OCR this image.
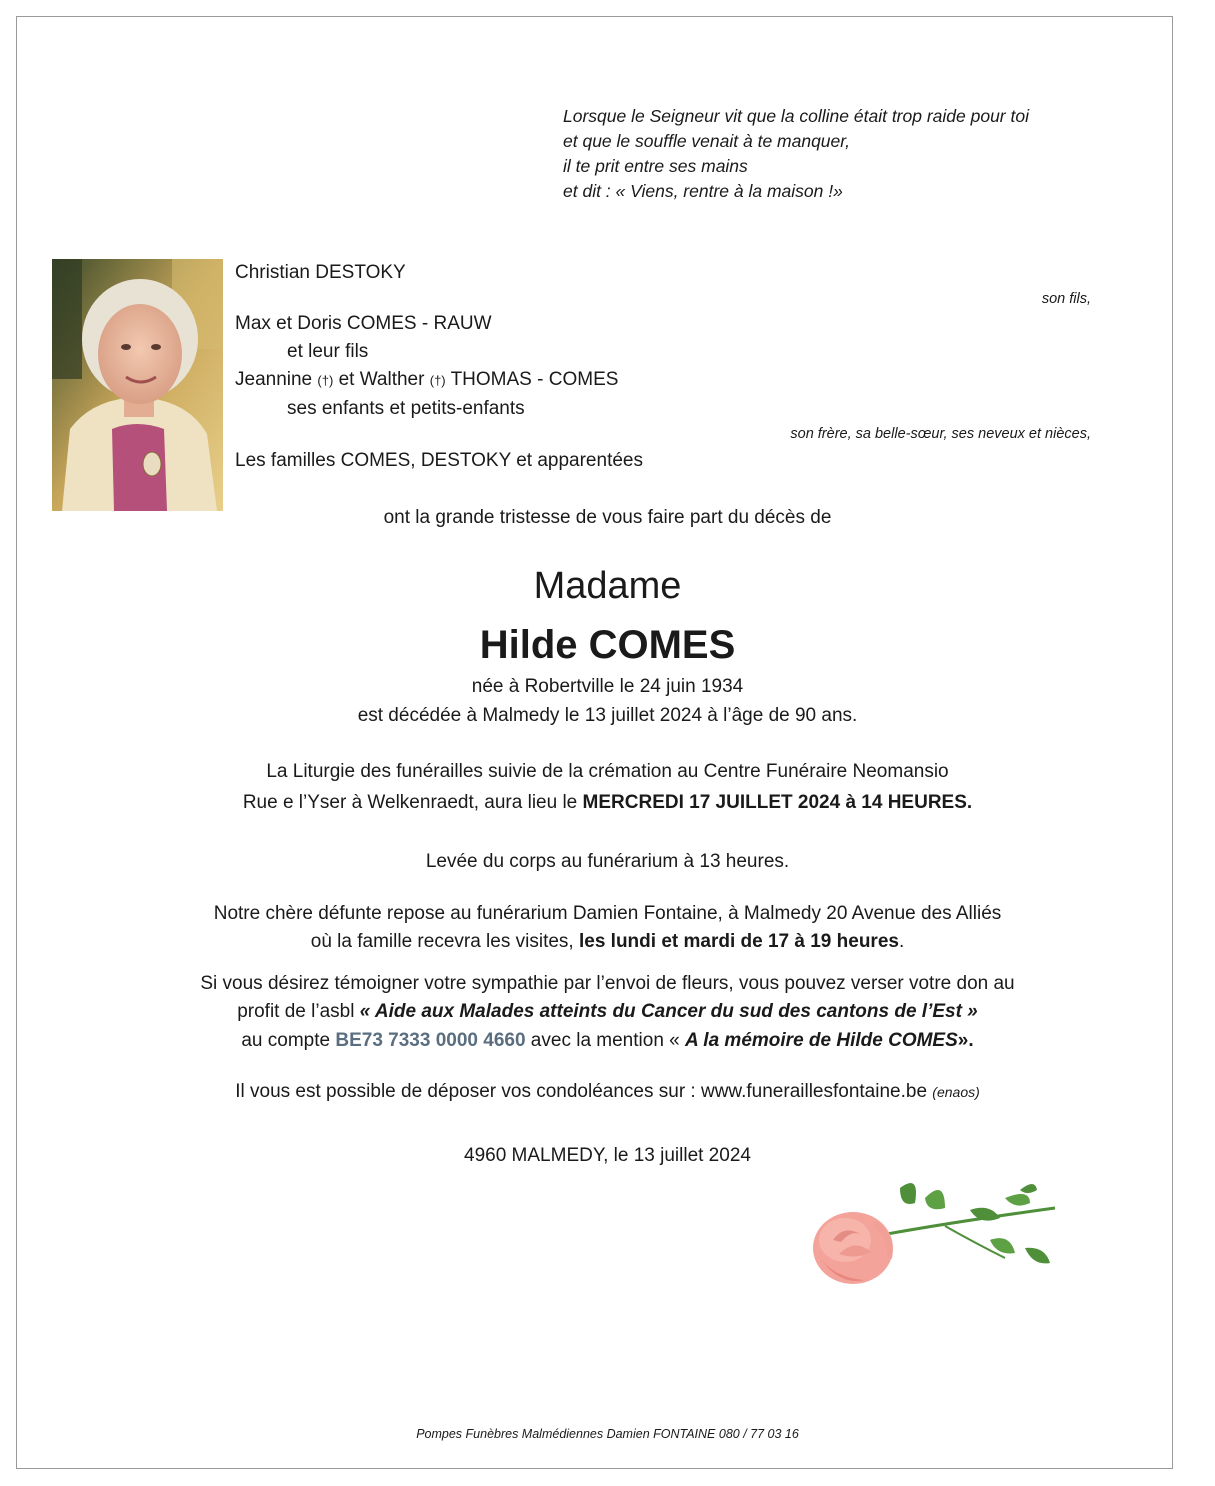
Lorsque le Seigneur vit que la colline était trop raide pour toi
et que le souffle venait à te manquer,
il te prit entre ses mains
et dit : « Viens, rentre à la maison !»
Christian DESTOKY
son fils,
Max et Doris COMES - RAUW
et leur fils
Jeannine (†) et Walther (†) THOMAS - COMES
ses enfants et petits-enfants
son frère, sa belle-sœur, ses neveux et nièces,
Les familles COMES, DESTOKY et apparentées
ont la grande tristesse de vous faire part du décès de
Madame
Hilde COMES
née à Robertville le 24 juin 1934
est décédée à Malmedy le 13 juillet 2024 à l’âge de 90 ans.
La Liturgie des funérailles suivie de la crémation au Centre Funéraire Neomansio
Rue e l’Yser à Welkenraedt, aura lieu le MERCREDI 17 JUILLET 2024 à 14 HEURES.
Levée du corps au funérarium à 13 heures.
Notre chère défunte repose au funérarium Damien Fontaine, à Malmedy 20 Avenue des Alliés
où la famille recevra les visites, les lundi et mardi de 17 à 19 heures.
Si vous désirez témoigner votre sympathie par l’envoi de fleurs, vous pouvez verser votre don au
profit de l’asbl « Aide aux Malades atteints du Cancer du sud des cantons de l’Est »
au compte BE73 7333 0000 4660 avec la mention « A la mémoire de Hilde COMES».
Il vous est possible de déposer vos condoléances sur : www.funeraillesfontaine.be (enaos)
4960 MALMEDY, le 13 juillet 2024
Pompes Funèbres Malmédiennes Damien FONTAINE 080 / 77 03 16
